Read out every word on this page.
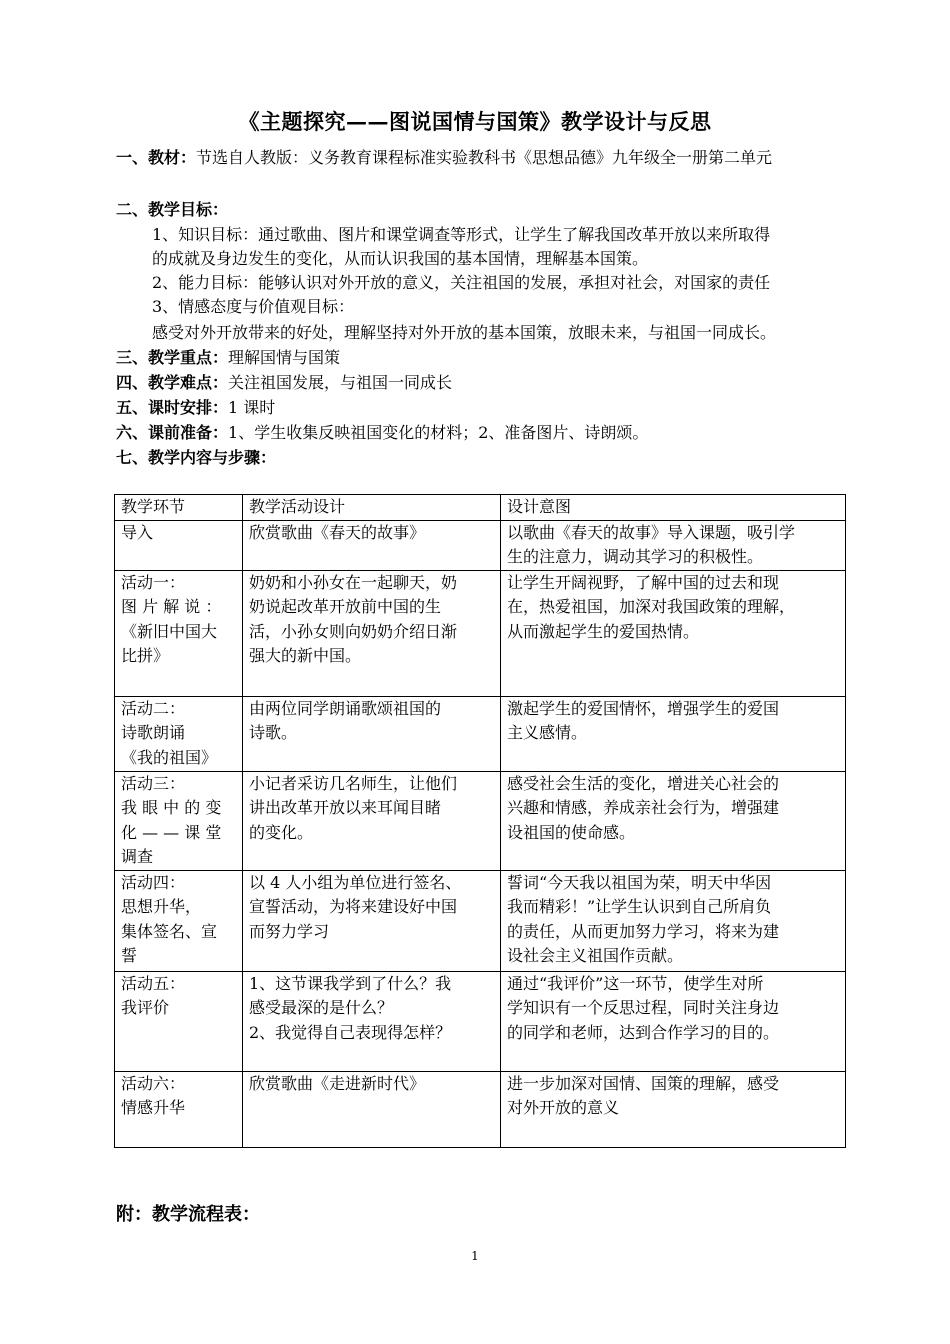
《主题探究——图说国情与国策》教学设计与反思
一、教材：节选自人教版：义务教育课程标准实验教科书《思想品德》九年级全一册第二单元
二、教学目标：
1、知识目标：通过歌曲、图片和课堂调查等形式，让学生了解我国改革开放以来所取得
的成就及身边发生的变化，从而认识我国的基本国情，理解基本国策。
2、能力目标：能够认识对外开放的意义，关注祖国的发展，承担对社会，对国家的责任
3、情感态度与价值观目标：
感受对外开放带来的好处，理解坚持对外开放的基本国策，放眼未来，与祖国一同成长。
三、教学重点：理解国情与国策
四、教学难点：关注祖国发展，与祖国一同成长
五、课时安排：1 课时
六、课前准备：1、学生收集反映祖国变化的材料；2、准备图片、诗朗颂。
七、教学内容与步骤：
教学环节	教学活动设计	设计意图

导入	欣赏歌曲《春天的故事》	以歌曲《春天的故事》导入课题，吸引学
生的注意力，调动其学习的积极性。

活动一：
图 片 解 说 ：
《新旧中国大
比拼》	奶奶和小孙女在一起聊天，奶
奶说起改革开放前中国的生
活，小孙女则向奶奶介绍日渐
强大的新中国。	让学生开阔视野，了解中国的过去和现
在，热爱祖国，加深对我国政策的理解，
从而激起学生的爱国热情。

活动二：
诗歌朗诵
《我的祖国》	由两位同学朗诵歌颂祖国的
诗歌。	激起学生的爱国情怀，增强学生的爱国
主义感情。

活动三：
我 眼 中 的 变
化 — — 课 堂
调查	小记者采访几名师生，让他们
讲出改革开放以来耳闻目睹
的变化。	感受社会生活的变化，增进关心社会的
兴趣和情感，养成亲社会行为，增强建
设祖国的使命感。

活动四：
思想升华，
集体签名、宣
誓	以 4 人小组为单位进行签名、
宣誓活动，为将来建设好中国
而努力学习	誓词“今天我以祖国为荣，明天中华因
我而精彩！”让学生认识到自己所肩负
的责任，从而更加努力学习，将来为建
设社会主义祖国作贡献。

活动五：
我评价	1、这节课我学到了什么？我
感受最深的是什么？
2、我觉得自己表现得怎样？	通过“我评价”这一环节，使学生对所
学知识有一个反思过程，同时关注身边
的同学和老师，达到合作学习的目的。

活动六：
情感升华	欣赏歌曲《走进新时代》	进一步加深对国情、国策的理解，感受
对外开放的意义
附：教学流程表：
1
